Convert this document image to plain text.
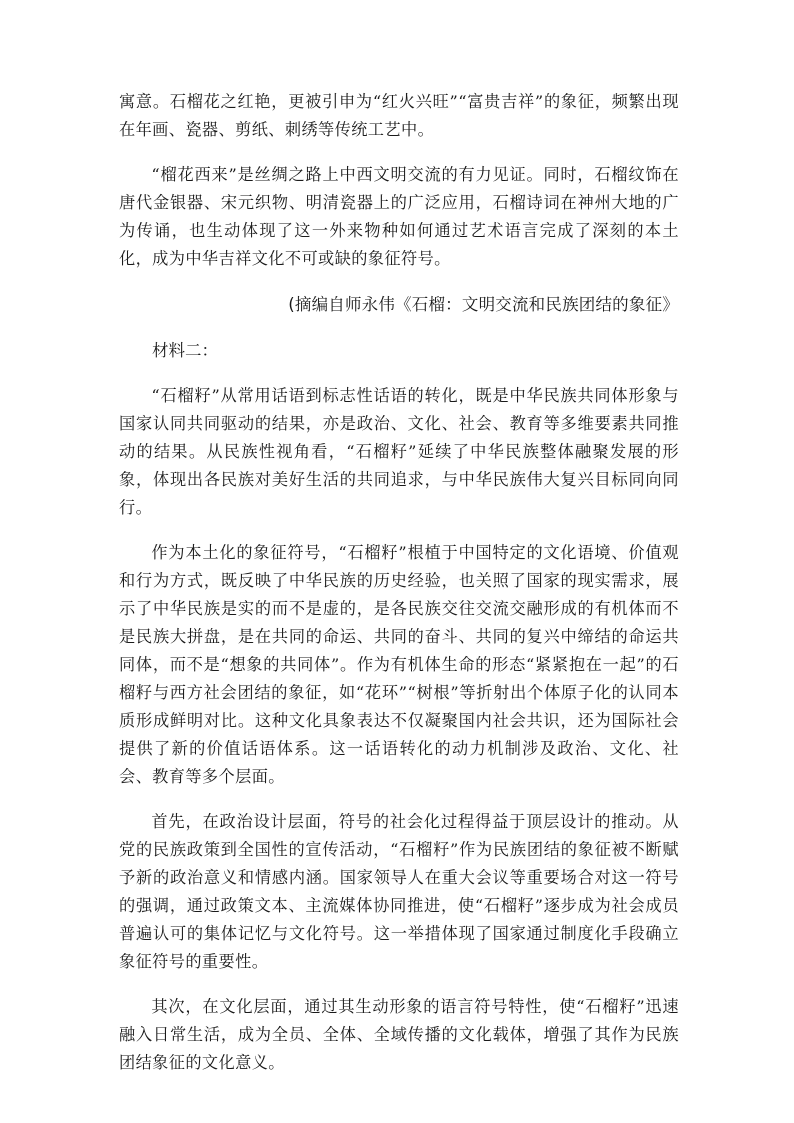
寓意。石榴花之红艳，更被引申为“红火兴旺”“富贵吉祥”的象征，频繁出现在年画、瓷器、剪纸、刺绣等传统工艺中。

“榴花西来”是丝绸之路上中西文明交流的有力见证。同时，石榴纹饰在唐代金银器、宋元织物、明清瓷器上的广泛应用，石榴诗词在神州大地的广为传诵，也生动体现了这一外来物种如何通过艺术语言完成了深刻的本土化，成为中华吉祥文化不可或缺的象征符号。

(摘编自师永伟《石榴：文明交流和民族团结的象征》

材料二：

“石榴籽”从常用话语到标志性话语的转化，既是中华民族共同体形象与国家认同共同驱动的结果，亦是政治、文化、社会、教育等多维要素共同推动的结果。从民族性视角看，“石榴籽”延续了中华民族整体融聚发展的形象，体现出各民族对美好生活的共同追求，与中华民族伟大复兴目标同向同行。

作为本土化的象征符号，“石榴籽”根植于中国特定的文化语境、价值观和行为方式，既反映了中华民族的历史经验，也关照了国家的现实需求，展示了中华民族是实的而不是虚的，是各民族交往交流交融形成的有机体而不是民族大拼盘，是在共同的命运、共同的奋斗、共同的复兴中缔结的命运共同体，而不是“想象的共同体”。作为有机体生命的形态“紧紧抱在一起”的石榴籽与西方社会团结的象征，如“花环”“树根”等折射出个体原子化的认同本质形成鲜明对比。这种文化具象表达不仅凝聚国内社会共识，还为国际社会提供了新的价值话语体系。这一话语转化的动力机制涉及政治、文化、社会、教育等多个层面。

首先，在政治设计层面，符号的社会化过程得益于顶层设计的推动。从党的民族政策到全国性的宣传活动，“石榴籽”作为民族团结的象征被不断赋予新的政治意义和情感内涵。国家领导人在重大会议等重要场合对这一符号的强调，通过政策文本、主流媒体协同推进，使“石榴籽”逐步成为社会成员普遍认可的集体记忆与文化符号。这一举措体现了国家通过制度化手段确立象征符号的重要性。

其次，在文化层面，通过其生动形象的语言符号特性，使“石榴籽”迅速融入日常生活，成为全员、全体、全域传播的文化载体，增强了其作为民族团结象征的文化意义。
